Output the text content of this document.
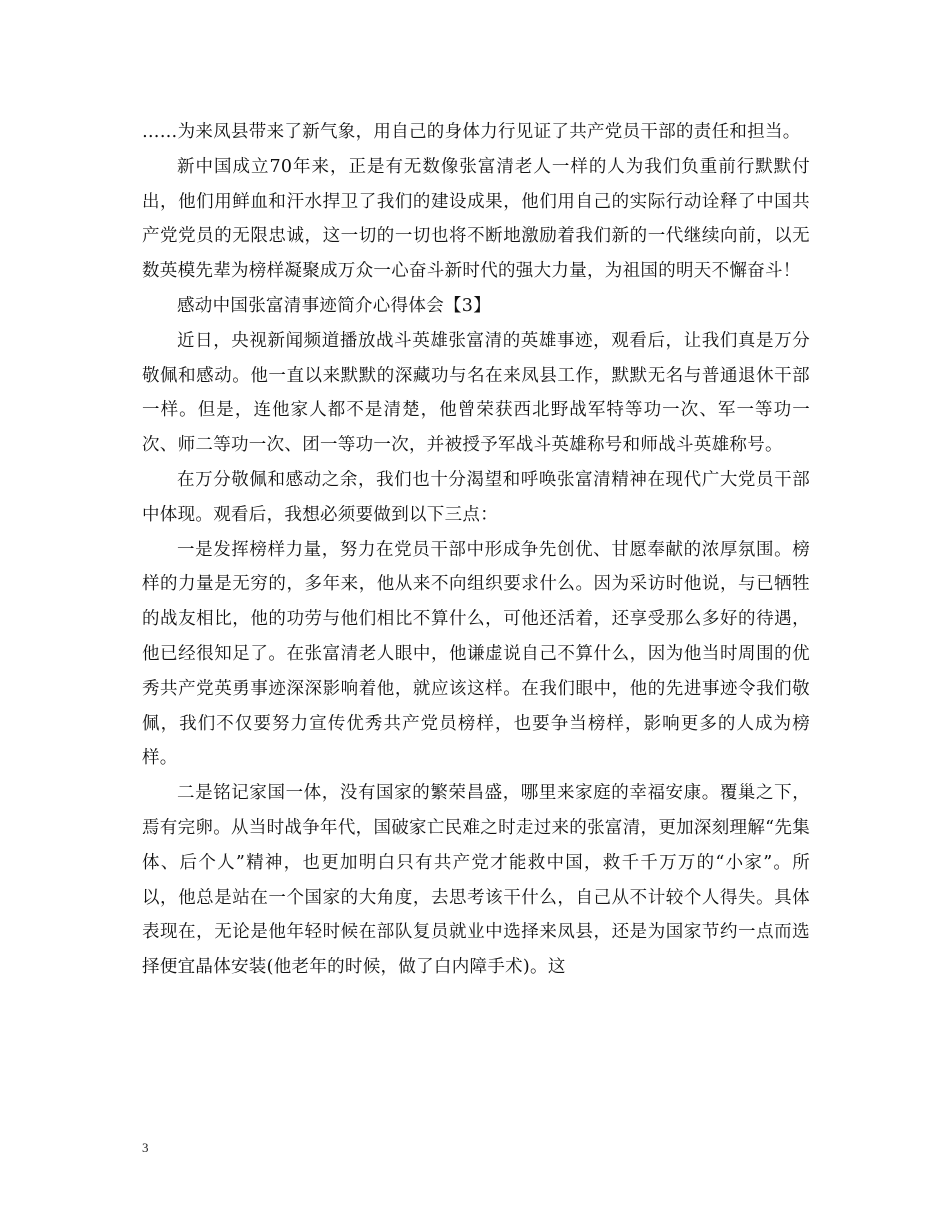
……为来凤县带来了新气象，用自己的身体力行见证了共产党员干部的责任和担当。

新中国成立70年来，正是有无数像张富清老人一样的人为我们负重前行默默付出，他们用鲜血和汗水捍卫了我们的建设成果，他们用自己的实际行动诠释了中国共产党党员的无限忠诚，这一切的一切也将不断地激励着我们新的一代继续向前，以无数英模先辈为榜样凝聚成万众一心奋斗新时代的强大力量，为祖国的明天不懈奋斗！

感动中国张富清事迹简介心得体会【3】

近日，央视新闻频道播放战斗英雄张富清的英雄事迹，观看后，让我们真是万分敬佩和感动。他一直以来默默的深藏功与名在来凤县工作，默默无名与普通退休干部一样。但是，连他家人都不是清楚，他曾荣获西北野战军特等功一次、军一等功一次、师二等功一次、团一等功一次，并被授予军战斗英雄称号和师战斗英雄称号。

在万分敬佩和感动之余，我们也十分渴望和呼唤张富清精神在现代广大党员干部中体现。观看后，我想必须要做到以下三点：

一是发挥榜样力量，努力在党员干部中形成争先创优、甘愿奉献的浓厚氛围。榜样的力量是无穷的，多年来，他从来不向组织要求什么。因为采访时他说，与已牺牲的战友相比，他的功劳与他们相比不算什么，可他还活着，还享受那么多好的待遇，他已经很知足了。在张富清老人眼中，他谦虚说自己不算什么，因为他当时周围的优秀共产党英勇事迹深深影响着他，就应该这样。在我们眼中，他的先进事迹令我们敬佩，我们不仅要努力宣传优秀共产党员榜样，也要争当榜样，影响更多的人成为榜样。

二是铭记家国一体，没有国家的繁荣昌盛，哪里来家庭的幸福安康。覆巢之下，焉有完卵。从当时战争年代，国破家亡民难之时走过来的张富清，更加深刻理解“先集体、后个人”精神，也更加明白只有共产党才能救中国，救千千万万的“小家”。所以，他总是站在一个国家的大角度，去思考该干什么，自己从不计较个人得失。具体表现在，无论是他年轻时候在部队复员就业中选择来凤县，还是为国家节约一点而选择便宜晶体安装(他老年的时候，做了白内障手术)。这

3
